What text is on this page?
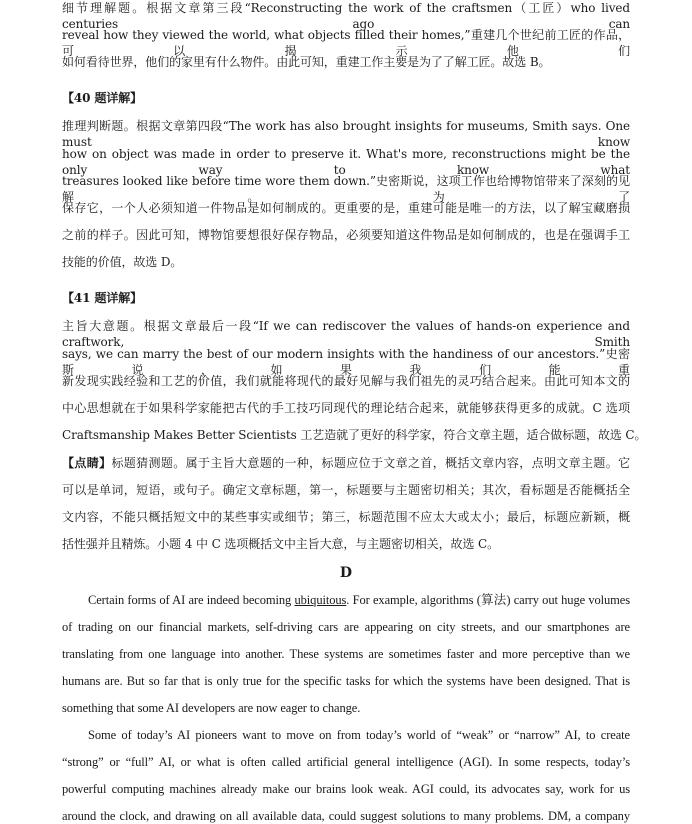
细节理解题。根据文章第三段“Reconstructing the work of the craftsmen（工匠）who lived centuries ago can
reveal how they viewed the world, what objects filled their homes,”重建几个世纪前工匠的作品，可以揭示他们
如何看待世界，他们的家里有什么物件。由此可知，重建工作主要是为了了解工匠。故选 B。
【40 题详解】
推理判断题。根据文章第四段“The work has also brought insights for museums, Smith says. One must know
how on object was made in order to preserve it. What's more, reconstructions might be the only way to know what
treasures looked like before time wore them down.”史密斯说，这项工作也给博物馆带来了深刻的见解。为了
保存它，一个人必须知道一件物品是如何制成的。更重要的是，重建可能是唯一的方法，以了解宝藏磨损
之前的样子。因此可知，博物馆要想很好保存物品，必须要知道这件物品是如何制成的，也是在强调手工
技能的价值，故选 D。
【41 题详解】
主旨大意题。根据文章最后一段“If we can rediscover the values of hands-on experience and craftwork, Smith
says, we can marry the best of our modern insights with the handiness of our ancestors.”史密斯说，如果我们能重
新发现实践经验和工艺的价值，我们就能将现代的最好见解与我们祖先的灵巧结合起来。由此可知本文的
中心思想就在于如果科学家能把古代的手工技巧同现代的理论结合起来，就能够获得更多的成就。C 选项
Craftsmanship Makes Better Scientists 工艺造就了更好的科学家，符合文章主题，适合做标题，故选 C。
【点睛】标题猜测题。属于主旨大意题的一种，标题应位于文章之首，概括文章内容，点明文章主题。它
可以是单词，短语，或句子。确定文章标题，第一，标题要与主题密切相关；其次，看标题是否能概括全
文内容，不能只概括短文中的某些事实或细节；第三，标题范围不应太大或太小；最后，标题应新颖，概
括性强并且精炼。小题 4 中 C 选项概括文中主旨大意，与主题密切相关，故选 C。
D
Certain forms of AI are indeed becoming ubiquitous. For example, algorithms (算法) carry out huge volumes
of trading on our financial markets, self-driving cars are appearing on city streets, and our smartphones are
translating from one language into another. These systems are sometimes faster and more perceptive than we
humans are. But so far that is only true for the specific tasks for which the systems have been designed. That is
something that some AI developers are now eager to change.
Some of today’s AI pioneers want to move on from today’s world of “weak” or “narrow” AI, to create
“strong” or “full” AI, or what is often called artificial general intelligence (AGI). In some respects, today’s
powerful computing machines already make our brains look weak. AGI could, its advocates say, work for us
around the clock, and drawing on all available data, could suggest solutions to many problems. DM, a company
